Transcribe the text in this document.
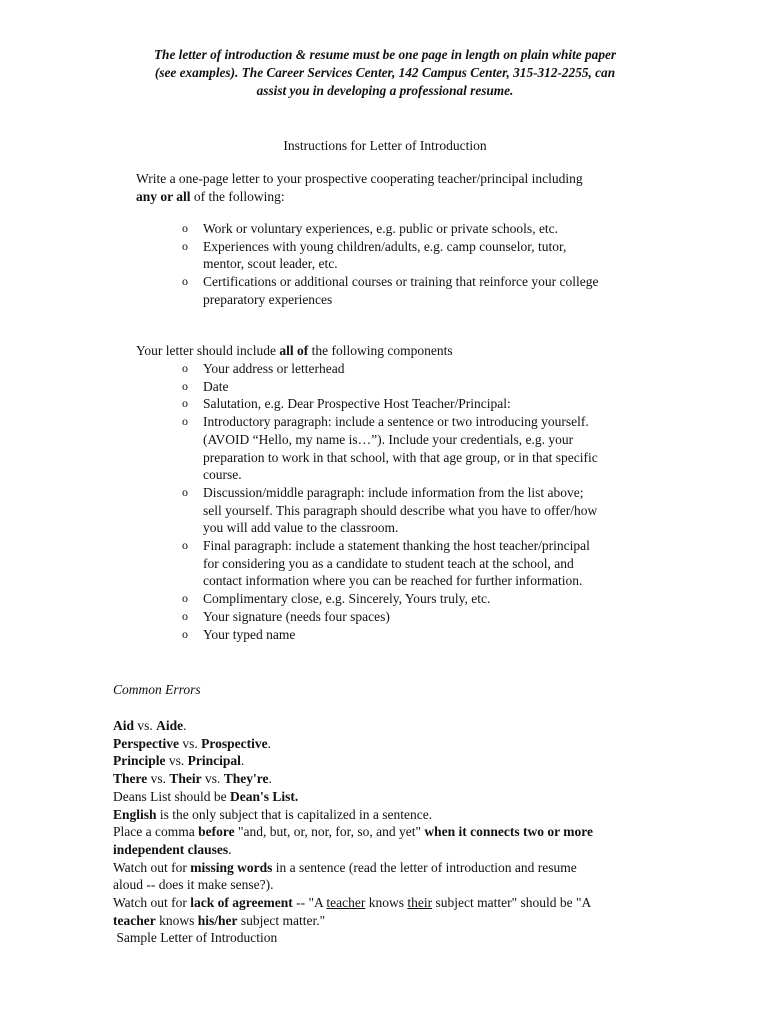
The letter of introduction & resume must be one page in length on plain white paper
(see examples). The Career Services Center, 142 Campus Center, 315-312-2255, can
assist you in developing a professional resume.
Instructions for Letter of Introduction
Write a one-page letter to your prospective cooperating teacher/principal including
any or all of the following:
o Work or voluntary experiences, e.g. public or private schools, etc.
o Experiences with young children/adults, e.g. camp counselor, tutor,
mentor, scout leader, etc.
o Certifications or additional courses or training that reinforce your college
preparatory experiences
Your letter should include all of the following components
o Your address or letterhead
o Date
o Salutation, e.g. Dear Prospective Host Teacher/Principal:
o Introductory paragraph: include a sentence or two introducing yourself.
(AVOID “Hello, my name is…”). Include your credentials, e.g. your
preparation to work in that school, with that age group, or in that specific
course.
o Discussion/middle paragraph: include information from the list above;
sell yourself. This paragraph should describe what you have to offer/how
you will add value to the classroom.
o Final paragraph: include a statement thanking the host teacher/principal
for considering you as a candidate to student teach at the school, and
contact information where you can be reached for further information.
o Complimentary close, e.g. Sincerely, Yours truly, etc.
o Your signature (needs four spaces)
o Your typed name
Common Errors
Aid vs. Aide.
Perspective vs. Prospective.
Principle vs. Principal.
There vs. Their vs. They're.
Deans List should be Dean's List.
English is the only subject that is capitalized in a sentence.
Place a comma before "and, but, or, nor, for, so, and yet" when it connects two or more
independent clauses.
Watch out for missing words in a sentence (read the letter of introduction and resume
aloud -- does it make sense?).
Watch out for lack of agreement -- "A teacher knows their subject matter" should be "A
teacher knows his/her subject matter."
Sample Letter of Introduction
